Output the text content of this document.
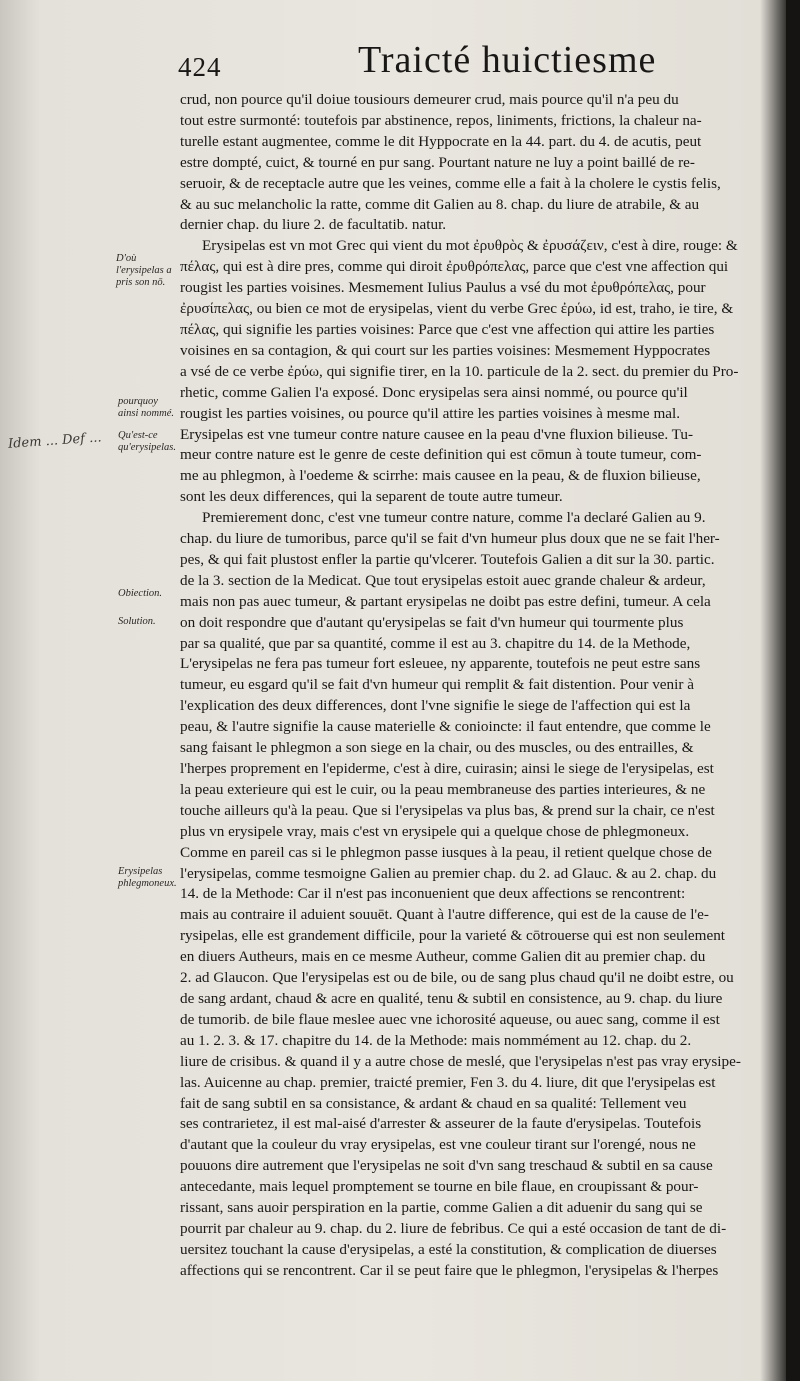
424	Traicté huictiesme
D'où l'erysipelas a pris son nō.
pourquoy ainsi nommé.
Qu'est-ce qu'erysipelas.
Obiection.
Solution.
Erysipelas phlegmoneux.
Idem ... Def ...
crud, non pource qu'il doiue tousiours demeurer crud, mais pource qu'il n'a peu du
tout estre surmonté: toutefois par abstinence, repos, liniments, frictions, la chaleur na-
turelle estant augmentee, comme le dit Hyppocrate en la 44. part. du 4. de acutis, peut
estre dompté, cuict, & tourné en pur sang. Pourtant nature ne luy a point baillé de re-
seruoir, & de receptacle autre que les veines, comme elle a fait à la cholere le cystis felis,
& au suc melancholic la ratte, comme dit Galien au 8. chap. du liure de atrabile, & au
dernier chap. du liure 2. de facultatib. natur.
Erysipelas est vn mot Grec qui vient du mot ἐρυθρὸς & ἐρυσάζειν, c'est à dire, rouge: &
πέλας, qui est à dire pres, comme qui diroit ἐρυθρόπελας, parce que c'est vne affection qui
rougist les parties voisines. Mesmement Iulius Paulus a vsé du mot ἐρυθρόπελας, pour
ἐρυσίπελας, ou bien ce mot de erysipelas, vient du verbe Grec ἐρύω, id est, traho, ie tire, &
πέλας, qui signifie les parties voisines: Parce que c'est vne affection qui attire les parties
voisines en sa contagion, & qui court sur les parties voisines: Mesmement Hyppocrates
a vsé de ce verbe ἐρύω, qui signifie tirer, en la 10. particule de la 2. sect. du premier du Pro-
rhetic, comme Galien l'a exposé. Donc erysipelas sera ainsi nommé, ou pource qu'il
rougist les parties voisines, ou pource qu'il attire les parties voisines à mesme mal.
Erysipelas est vne tumeur contre nature causee en la peau d'vne fluxion bilieuse. Tu-
meur contre nature est le genre de ceste definition qui est cōmun à toute tumeur, com-
me au phlegmon, à l'oedeme & scirrhe: mais causee en la peau, & de fluxion bilieuse,
sont les deux differences, qui la separent de toute autre tumeur.
Premierement donc, c'est vne tumeur contre nature, comme l'a declaré Galien au 9.
chap. du liure de tumoribus, parce qu'il se fait d'vn humeur plus doux que ne se fait l'her-
pes, & qui fait plustost enfler la partie qu'vlcerer. Toutefois Galien a dit sur la 30. partic.
de la 3. section de la Medicat. Que tout erysipelas estoit auec grande chaleur & ardeur,
mais non pas auec tumeur, & partant erysipelas ne doibt pas estre defini, tumeur. A cela
on doit respondre que d'autant qu'erysipelas se fait d'vn humeur qui tourmente plus
par sa qualité, que par sa quantité, comme il est au 3. chapitre du 14. de la Methode,
L'erysipelas ne fera pas tumeur fort esleuee, ny apparente, toutefois ne peut estre sans
tumeur, eu esgard qu'il se fait d'vn humeur qui remplit & fait distention. Pour venir à
l'explication des deux differences, dont l'vne signifie le siege de l'affection qui est la
peau, & l'autre signifie la cause materielle & conioincte: il faut entendre, que comme le
sang faisant le phlegmon a son siege en la chair, ou des muscles, ou des entrailles, &
l'herpes proprement en l'epiderme, c'est à dire, cuirasin; ainsi le siege de l'erysipelas, est
la peau exterieure qui est le cuir, ou la peau membraneuse des parties interieures, & ne
touche ailleurs qu'à la peau. Que si l'erysipelas va plus bas, & prend sur la chair, ce n'est
plus vn erysipele vray, mais c'est vn erysipele qui a quelque chose de phlegmoneux.
Comme en pareil cas si le phlegmon passe iusques à la peau, il retient quelque chose de
l'erysipelas, comme tesmoigne Galien au premier chap. du 2. ad Glauc. & au 2. chap. du
14. de la Methode: Car il n'est pas inconuenient que deux affections se rencontrent:
mais au contraire il aduient souuēt. Quant à l'autre difference, qui est de la cause de l'e-
rysipelas, elle est grandement difficile, pour la varieté & cōtrouerse qui est non seulement
en diuers Autheurs, mais en ce mesme Autheur, comme Galien dit au premier chap. du
2. ad Glaucon. Que l'erysipelas est ou de bile, ou de sang plus chaud qu'il ne doibt estre, ou
de sang ardant, chaud & acre en qualité, tenu & subtil en consistence, au 9. chap. du liure
de tumorib. de bile flaue meslee auec vne ichorosité aqueuse, ou auec sang, comme il est
au 1. 2. 3. & 17. chapitre du 14. de la Methode: mais nommément au 12. chap. du 2.
liure de crisibus. & quand il y a autre chose de meslé, que l'erysipelas n'est pas vray erysipe-
las. Auicenne au chap. premier, traicté premier, Fen 3. du 4. liure, dit que l'erysipelas est
fait de sang subtil en sa consistance, & ardant & chaud en sa qualité: Tellement veu
ses contrarietez, il est mal-aisé d'arrester & asseurer de la faute d'erysipelas. Toutefois
d'autant que la couleur du vray erysipelas, est vne couleur tirant sur l'orengé, nous ne
pouuons dire autrement que l'erysipelas ne soit d'vn sang treschaud & subtil en sa cause
antecedante, mais lequel promptement se tourne en bile flaue, en croupissant & pour-
rissant, sans auoir perspiration en la partie, comme Galien a dit aduenir du sang qui se
pourrit par chaleur au 9. chap. du 2. liure de febribus. Ce qui a esté occasion de tant de di-
uersitez touchant la cause d'erysipelas, a esté la constitution, & complication de diuerses
affections qui se rencontrent. Car il se peut faire que le phlegmon, l'erysipelas & l'herpes
